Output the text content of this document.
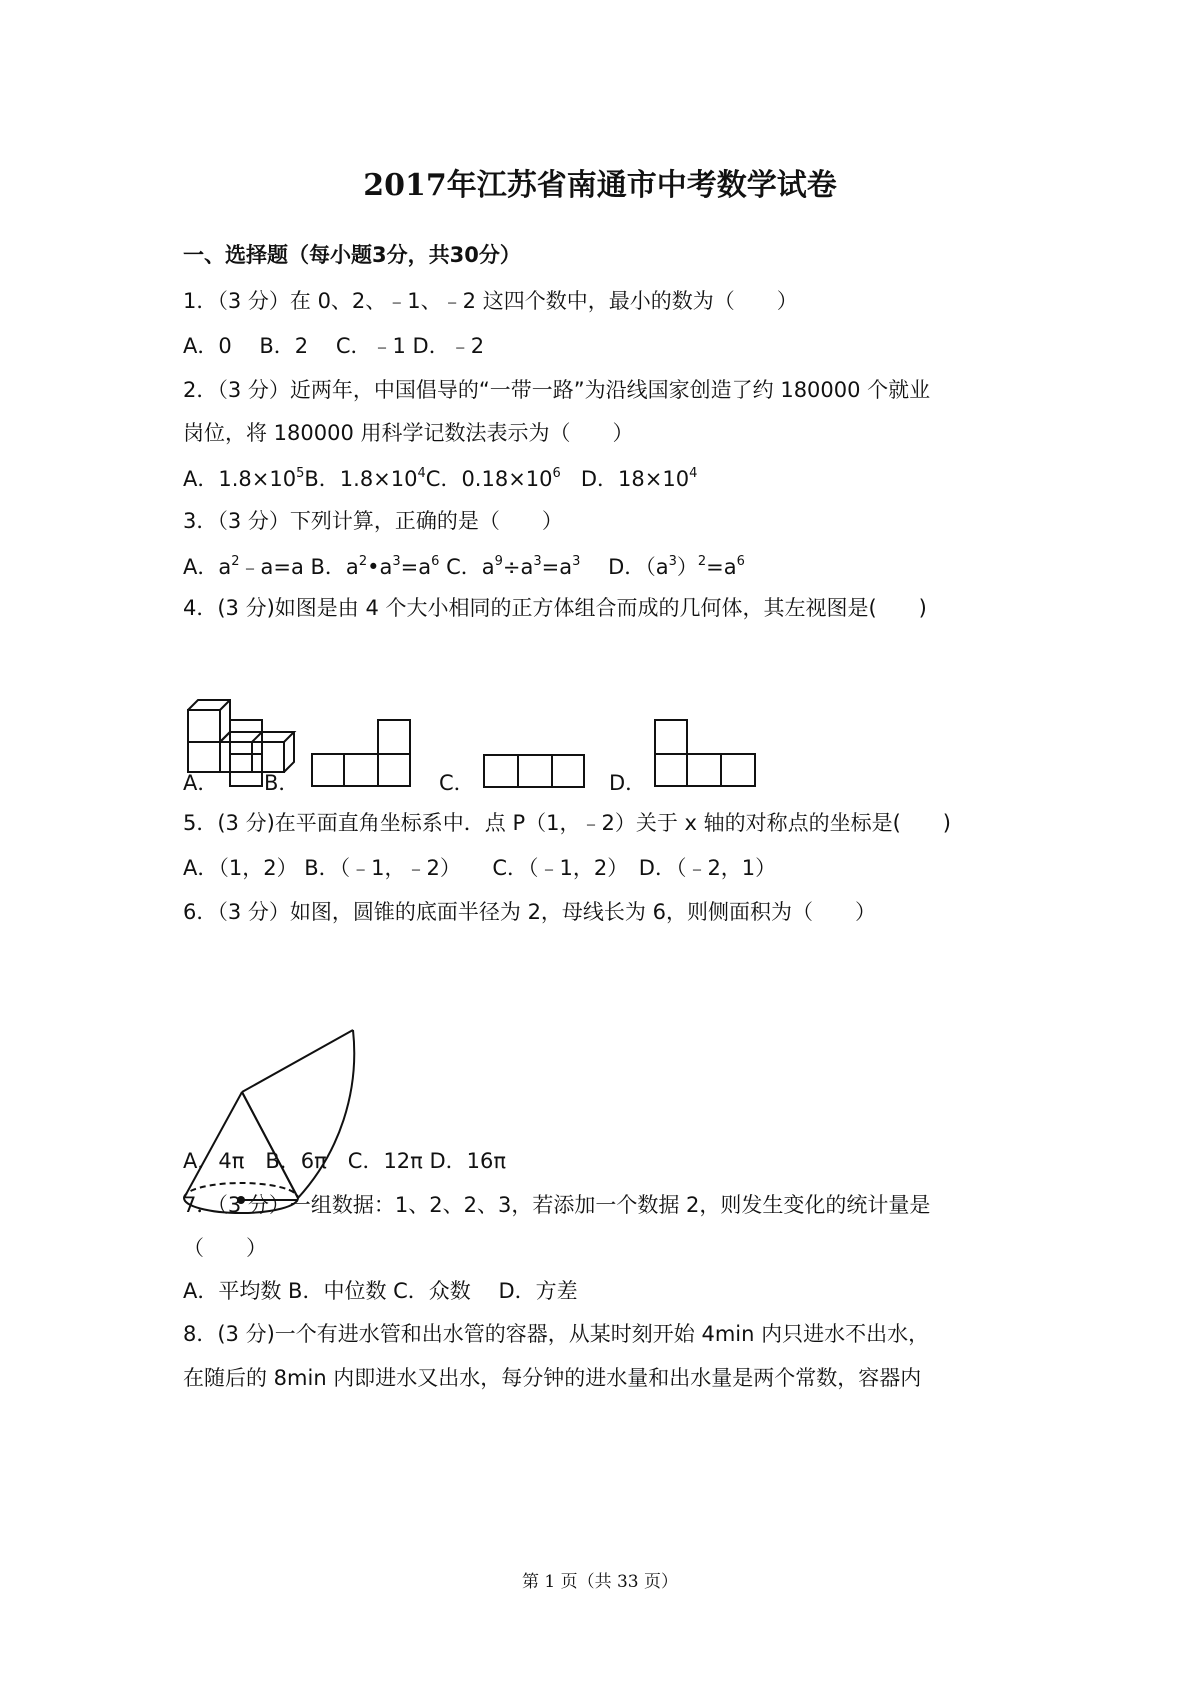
2017年江苏省南通市中考数学试卷
一、选择题（每小题3分，共30分）
1．（3 分）在 0、2、﹣1、﹣2 这四个数中，最小的数为（　　）
A．0　 B．2　 C．﹣1 D．﹣2
2．（3 分）近两年，中国倡导的“一带一路”为沿线国家创造了约 180000 个就业
岗位，将 180000 用科学记数法表示为（　　）
A．$1.8\times 10^5B$．$1.8\times 10^4C$．$0.18\times 10^6$ D．$18\times 10^4$
3．（3 分）下列计算，正确的是（　　）
A．$a^2﹣a=a$ B．$a^2•a^3=a^6$ C．$a^9\div a^3=a^3$　 D．$(a^3)^2=a^6$
4．(3 分)如图是由 4 个大小相同的正方体组合而成的几何体，其左视图是(　　)
A． B．	C．	D．
5．(3 分)在平面直角坐标系中．点 P（1，﹣2）关于 x 轴的对称点的坐标是(　　)
A．（1，2） B．（﹣1，﹣2）　　C．（﹣1，2）　D．（﹣2，1）
6．（3 分）如图，圆锥的底面半径为 2，母线长为 6，则侧面积为（　　）
A．4π　B．6π　C．12π D．16π
7．（3 分）一组数据：1、2、2、3，若添加一个数据 2，则发生变化的统计量是
（　　）
A．平均数 B．中位数 C．众数　 D．方差
8．(3 分)一个有进水管和出水管的容器，从某时刻开始 4min 内只进水不出水，
在随后的 8min 内即进水又出水，每分钟的进水量和出水量是两个常数，容器内
第 1 页（共 33 页）
